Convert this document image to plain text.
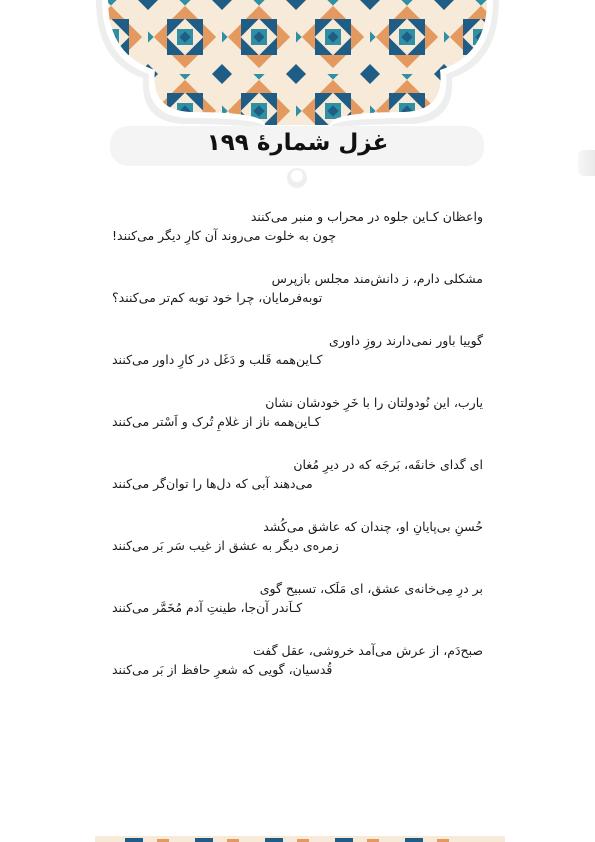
غزل شمارهٔ ۱۹۹
واعظان کـاین جلوه در محراب و منبر می‌کنند
چون به خلوت می‌روند آن کارِ دیگر می‌کنند!
مشکلی دارم، ز دانش‌مند مجلس بازپرس
توبه‌فرمایان، چرا خود توبه کم‌تر می‌کنند؟
گوییا باور نمی‌دارند روزِ داوری
کـاین‌همه قَلب و دَغَل در کارِ داور می‌کنند
یارب، این نُودولتان را با خَرِ خودشان نشان
کـاین‌همه ناز از غلامِ تُرک و اَسْتر می‌کنند
ای گدای خانقَه، بَرجَه که در دیرِ مُغان
می‌دهند آبی که دل‌ها را توان‌گر می‌کنند
حُسنِ بی‌پایانِ او، چندان که عاشق می‌کُشد
زمره‌ی دیگر به عشق از غیب سَر بَر می‌کنند
بر درِ مِی‌خانه‌ی عشق، ای مَلَک، تسبیح گوی
کـاَندر آن‌جا، طینتِ آدم مُخَمَّر می‌کنند
صبح‌دَم، از عرش می‌آمد خروشی، عقل گفت
قُدسیان، گویی که شعرِ حافظ از بَر می‌کنند
